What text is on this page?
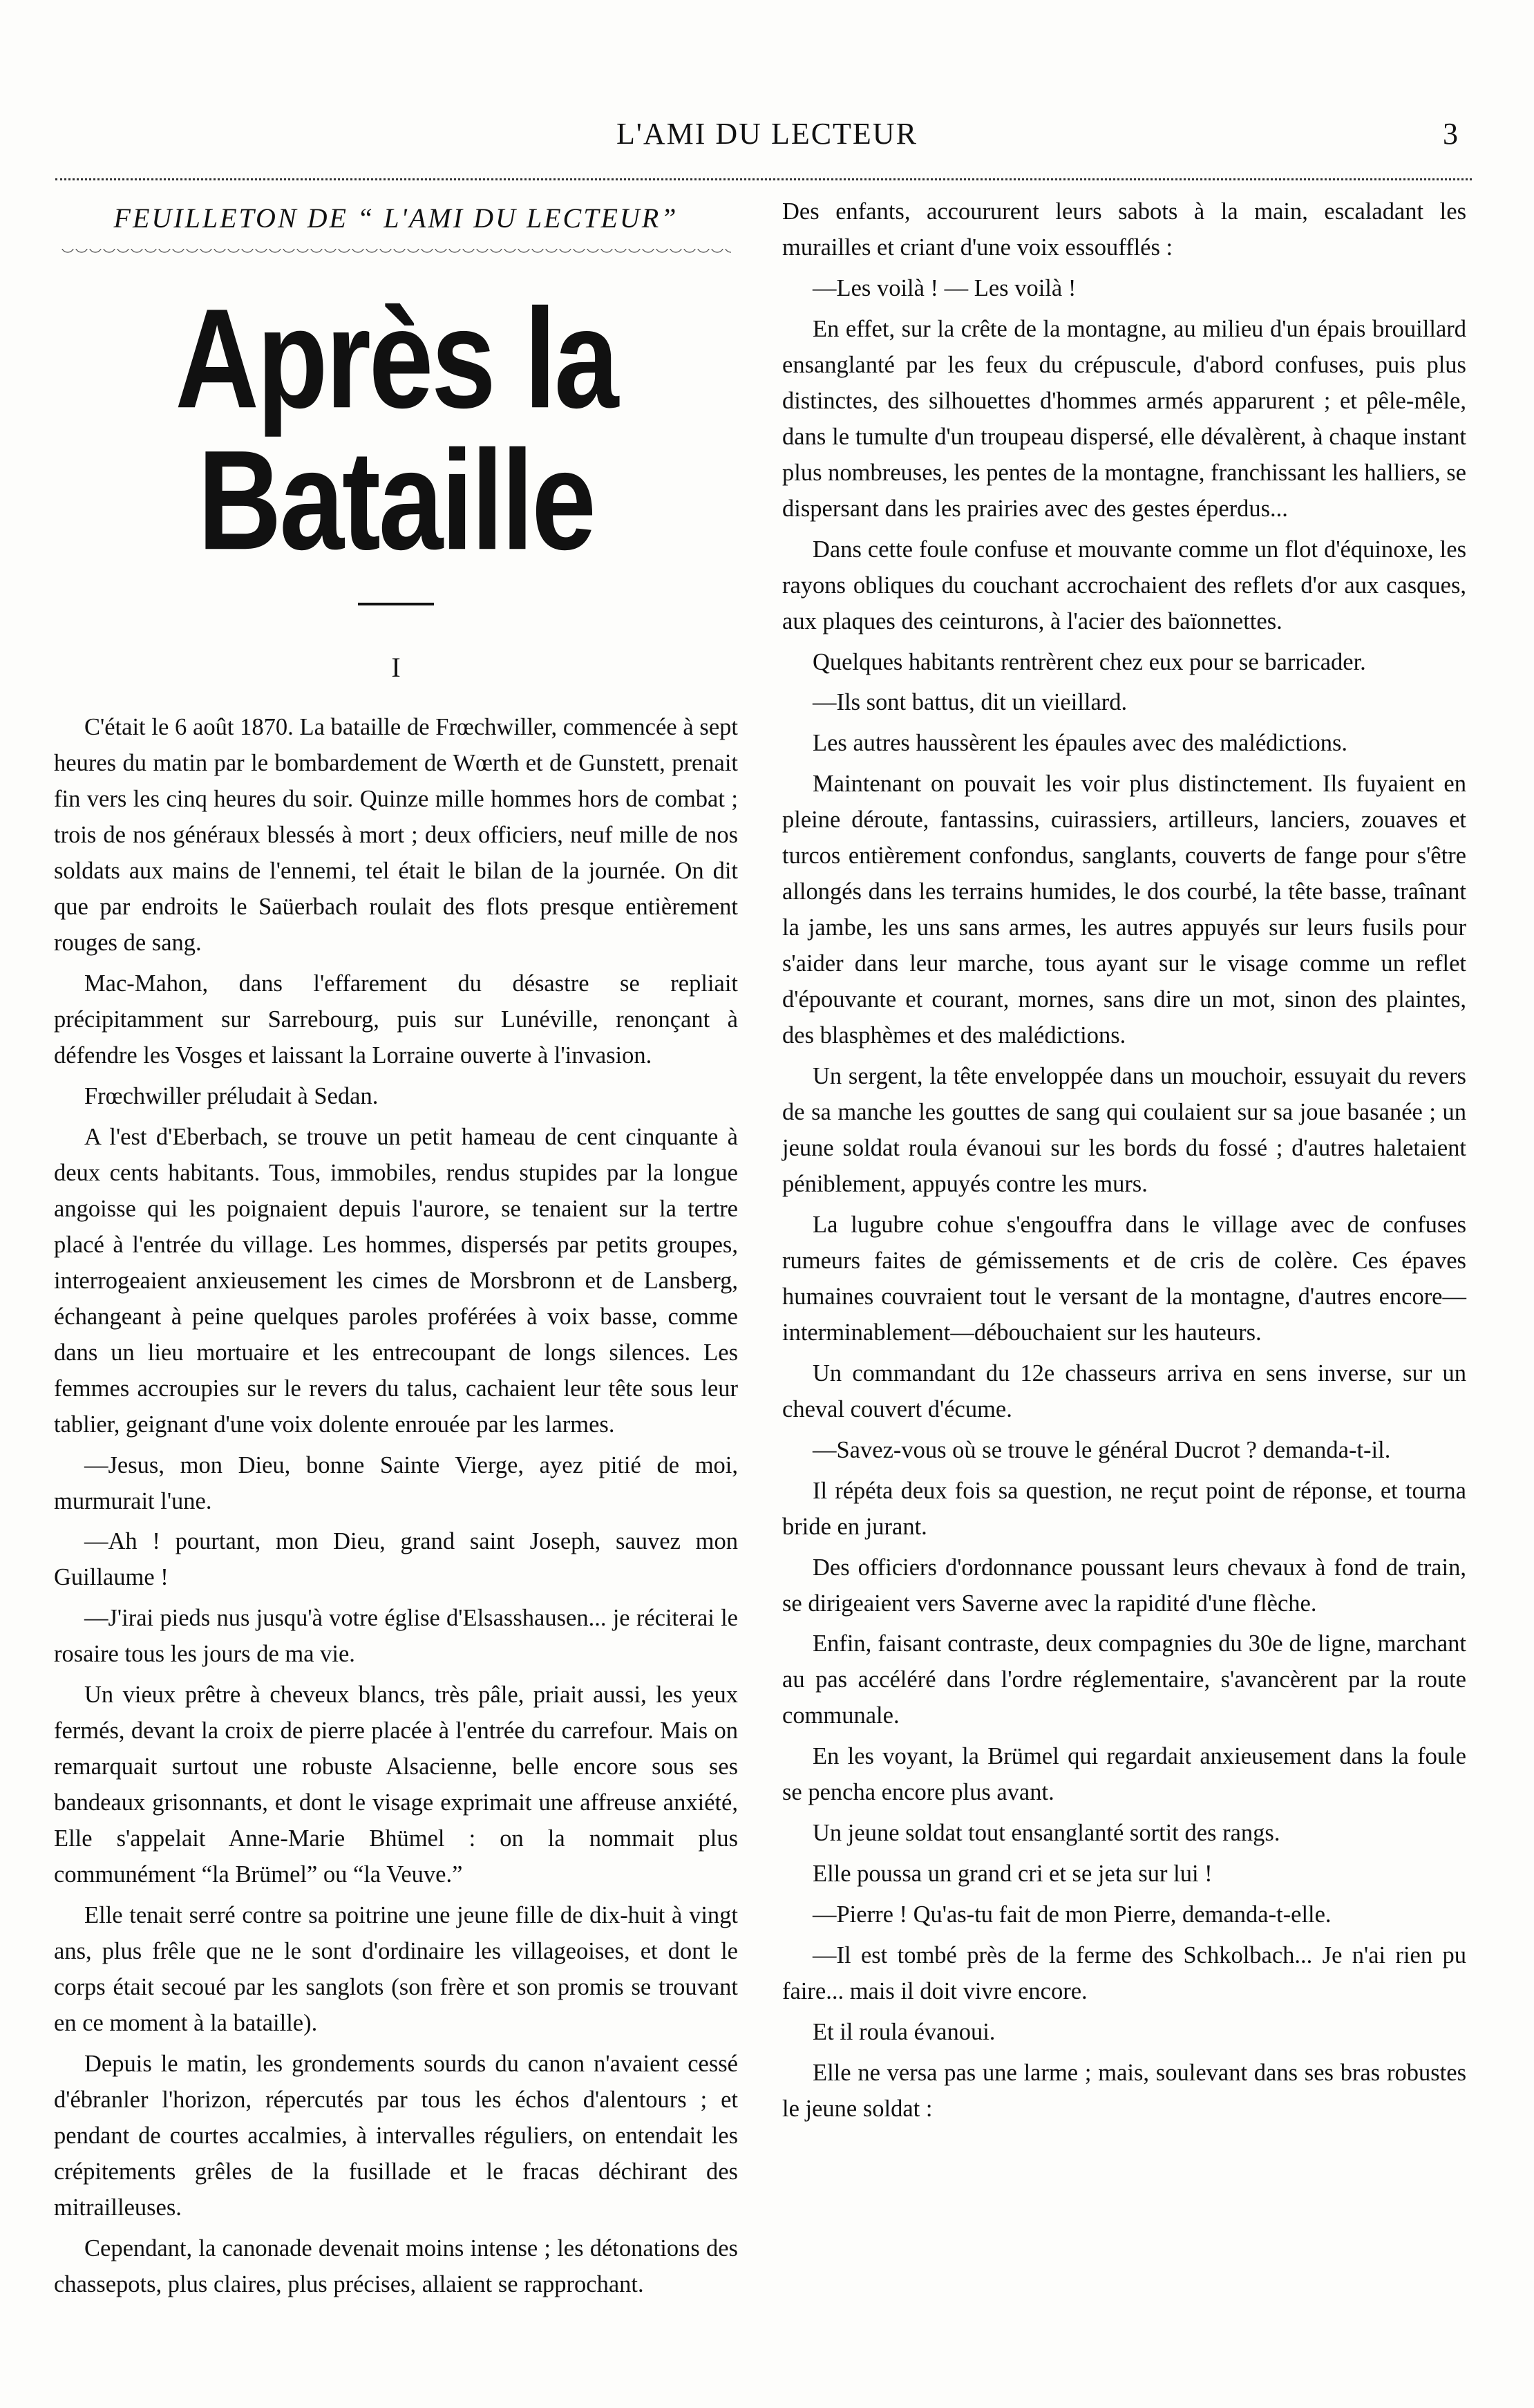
L'AMI DU LECTEUR	3
FEUILLETON DE “ L'AMI DU LECTEUR”
Après la Bataille
I

C'était le 6 août 1870. La bataille de Frœchwiller, commencée à sept heures du matin par le bombardement de Wœrth et de Gunstett, prenait fin vers les cinq heures du soir. Quinze mille hommes hors de combat ; trois de nos généraux blessés à mort ; deux officiers, neuf mille de nos soldats aux mains de l'ennemi, tel était le bilan de la journée. On dit que par endroits le Saüerbach roulait des flots presque entièrement rouges de sang.

Mac-Mahon, dans l'effarement du désastre se repliait précipitamment sur Sarrebourg, puis sur Lunéville, renonçant à défendre les Vosges et laissant la Lorraine ouverte à l'invasion.

Frœchwiller préludait à Sedan.

A l'est d'Eberbach, se trouve un petit hameau de cent cinquante à deux cents habitants. Tous, immobiles, rendus stupides par la longue angoisse qui les poignaient depuis l'aurore, se tenaient sur la tertre placé à l'entrée du village. Les hommes, dispersés par petits groupes, interrogeaient anxieusement les cimes de Morsbronn et de Lansberg, échangeant à peine quelques paroles proférées à voix basse, comme dans un lieu mortuaire et les entrecoupant de longs silences. Les femmes accroupies sur le revers du talus, cachaient leur tête sous leur tablier, geignant d'une voix dolente enrouée par les larmes.

—Jesus, mon Dieu, bonne Sainte Vierge, ayez pitié de moi, murmurait l'une.

—Ah ! pourtant, mon Dieu, grand saint Joseph, sauvez mon Guillaume !

—J'irai pieds nus jusqu'à votre église d'Elsasshausen... je réciterai le rosaire tous les jours de ma vie.

Un vieux prêtre à cheveux blancs, très pâle, priait aussi, les yeux fermés, devant la croix de pierre placée à l'entrée du carrefour. Mais on remarquait surtout une robuste Alsacienne, belle encore sous ses bandeaux grisonnants, et dont le visage exprimait une affreuse anxiété, Elle s'appelait Anne-Marie Bhümel : on la nommait plus communément “la Brümel” ou “la Veuve.”

Elle tenait serré contre sa poitrine une jeune fille de dix-huit à vingt ans, plus frêle que ne le sont d'ordinaire les villageoises, et dont le corps était secoué par les sanglots (son frère et son promis se trouvant en ce moment à la bataille).

Depuis le matin, les grondements sourds du canon n'avaient cessé d'ébranler l'horizon, répercutés par tous les échos d'alentours ; et pendant de courtes accalmies, à intervalles réguliers, on entendait les crépitements grêles de la fusillade et le fracas déchirant des mitrailleuses.

Cependant, la canonade devenait moins intense ; les détonations des chassepots, plus claires, plus précises, allaient se rapprochant.

Des enfants, accoururent leurs sabots à la main, escaladant les murailles et criant d'une voix essoufflés :

—Les voilà ! — Les voilà !

En effet, sur la crête de la montagne, au milieu d'un épais brouillard ensanglanté par les feux du crépuscule, d'abord confuses, puis plus distinctes, des silhouettes d'hommes armés apparurent ; et pêle-mêle, dans le tumulte d'un troupeau dispersé, elle dévalèrent, à chaque instant plus nombreuses, les pentes de la montagne, franchissant les halliers, se dispersant dans les prairies avec des gestes éperdus...

Dans cette foule confuse et mouvante comme un flot d'équinoxe, les rayons obliques du couchant accrochaient des reflets d'or aux casques, aux plaques des ceinturons, à l'acier des baïonnettes.

Quelques habitants rentrèrent chez eux pour se barricader.

—Ils sont battus, dit un vieillard.

Les autres haussèrent les épaules avec des malédictions.

Maintenant on pouvait les voir plus distinctement. Ils fuyaient en pleine déroute, fantassins, cuirassiers, artilleurs, lanciers, zouaves et turcos entièrement confondus, sanglants, couverts de fange pour s'être allongés dans les terrains humides, le dos courbé, la tête basse, traînant la jambe, les uns sans armes, les autres appuyés sur leurs fusils pour s'aider dans leur marche, tous ayant sur le visage comme un reflet d'épouvante et courant, mornes, sans dire un mot, sinon des plaintes, des blasphèmes et des malédictions.

Un sergent, la tête enveloppée dans un mouchoir, essuyait du revers de sa manche les gouttes de sang qui coulaient sur sa joue basanée ; un jeune soldat roula évanoui sur les bords du fossé ; d'autres haletaient péniblement, appuyés contre les murs.

La lugubre cohue s'engouffra dans le village avec de confuses rumeurs faites de gémissements et de cris de colère. Ces épaves humaines couvraient tout le versant de la montagne, d'autres encore—interminablement—débouchaient sur les hauteurs.

Un commandant du 12e chasseurs arriva en sens inverse, sur un cheval couvert d'écume.

—Savez-vous où se trouve le général Ducrot ? demanda-t-il.

Il répéta deux fois sa question, ne reçut point de réponse, et tourna bride en jurant.

Des officiers d'ordonnance poussant leurs chevaux à fond de train, se dirigeaient vers Saverne avec la rapidité d'une flèche.

Enfin, faisant contraste, deux compagnies du 30e de ligne, marchant au pas accéléré dans l'ordre réglementaire, s'avancèrent par la route communale.

En les voyant, la Brümel qui regardait anxieusement dans la foule se pencha encore plus avant.

Un jeune soldat tout ensanglanté sortit des rangs.

Elle poussa un grand cri et se jeta sur lui !

—Pierre ! Qu'as-tu fait de mon Pierre, demanda-t-elle.

—Il est tombé près de la ferme des Schkolbach... Je n'ai rien pu faire... mais il doit vivre encore.

Et il roula évanoui.

Elle ne versa pas une larme ; mais, soulevant dans ses bras robustes le jeune soldat :
